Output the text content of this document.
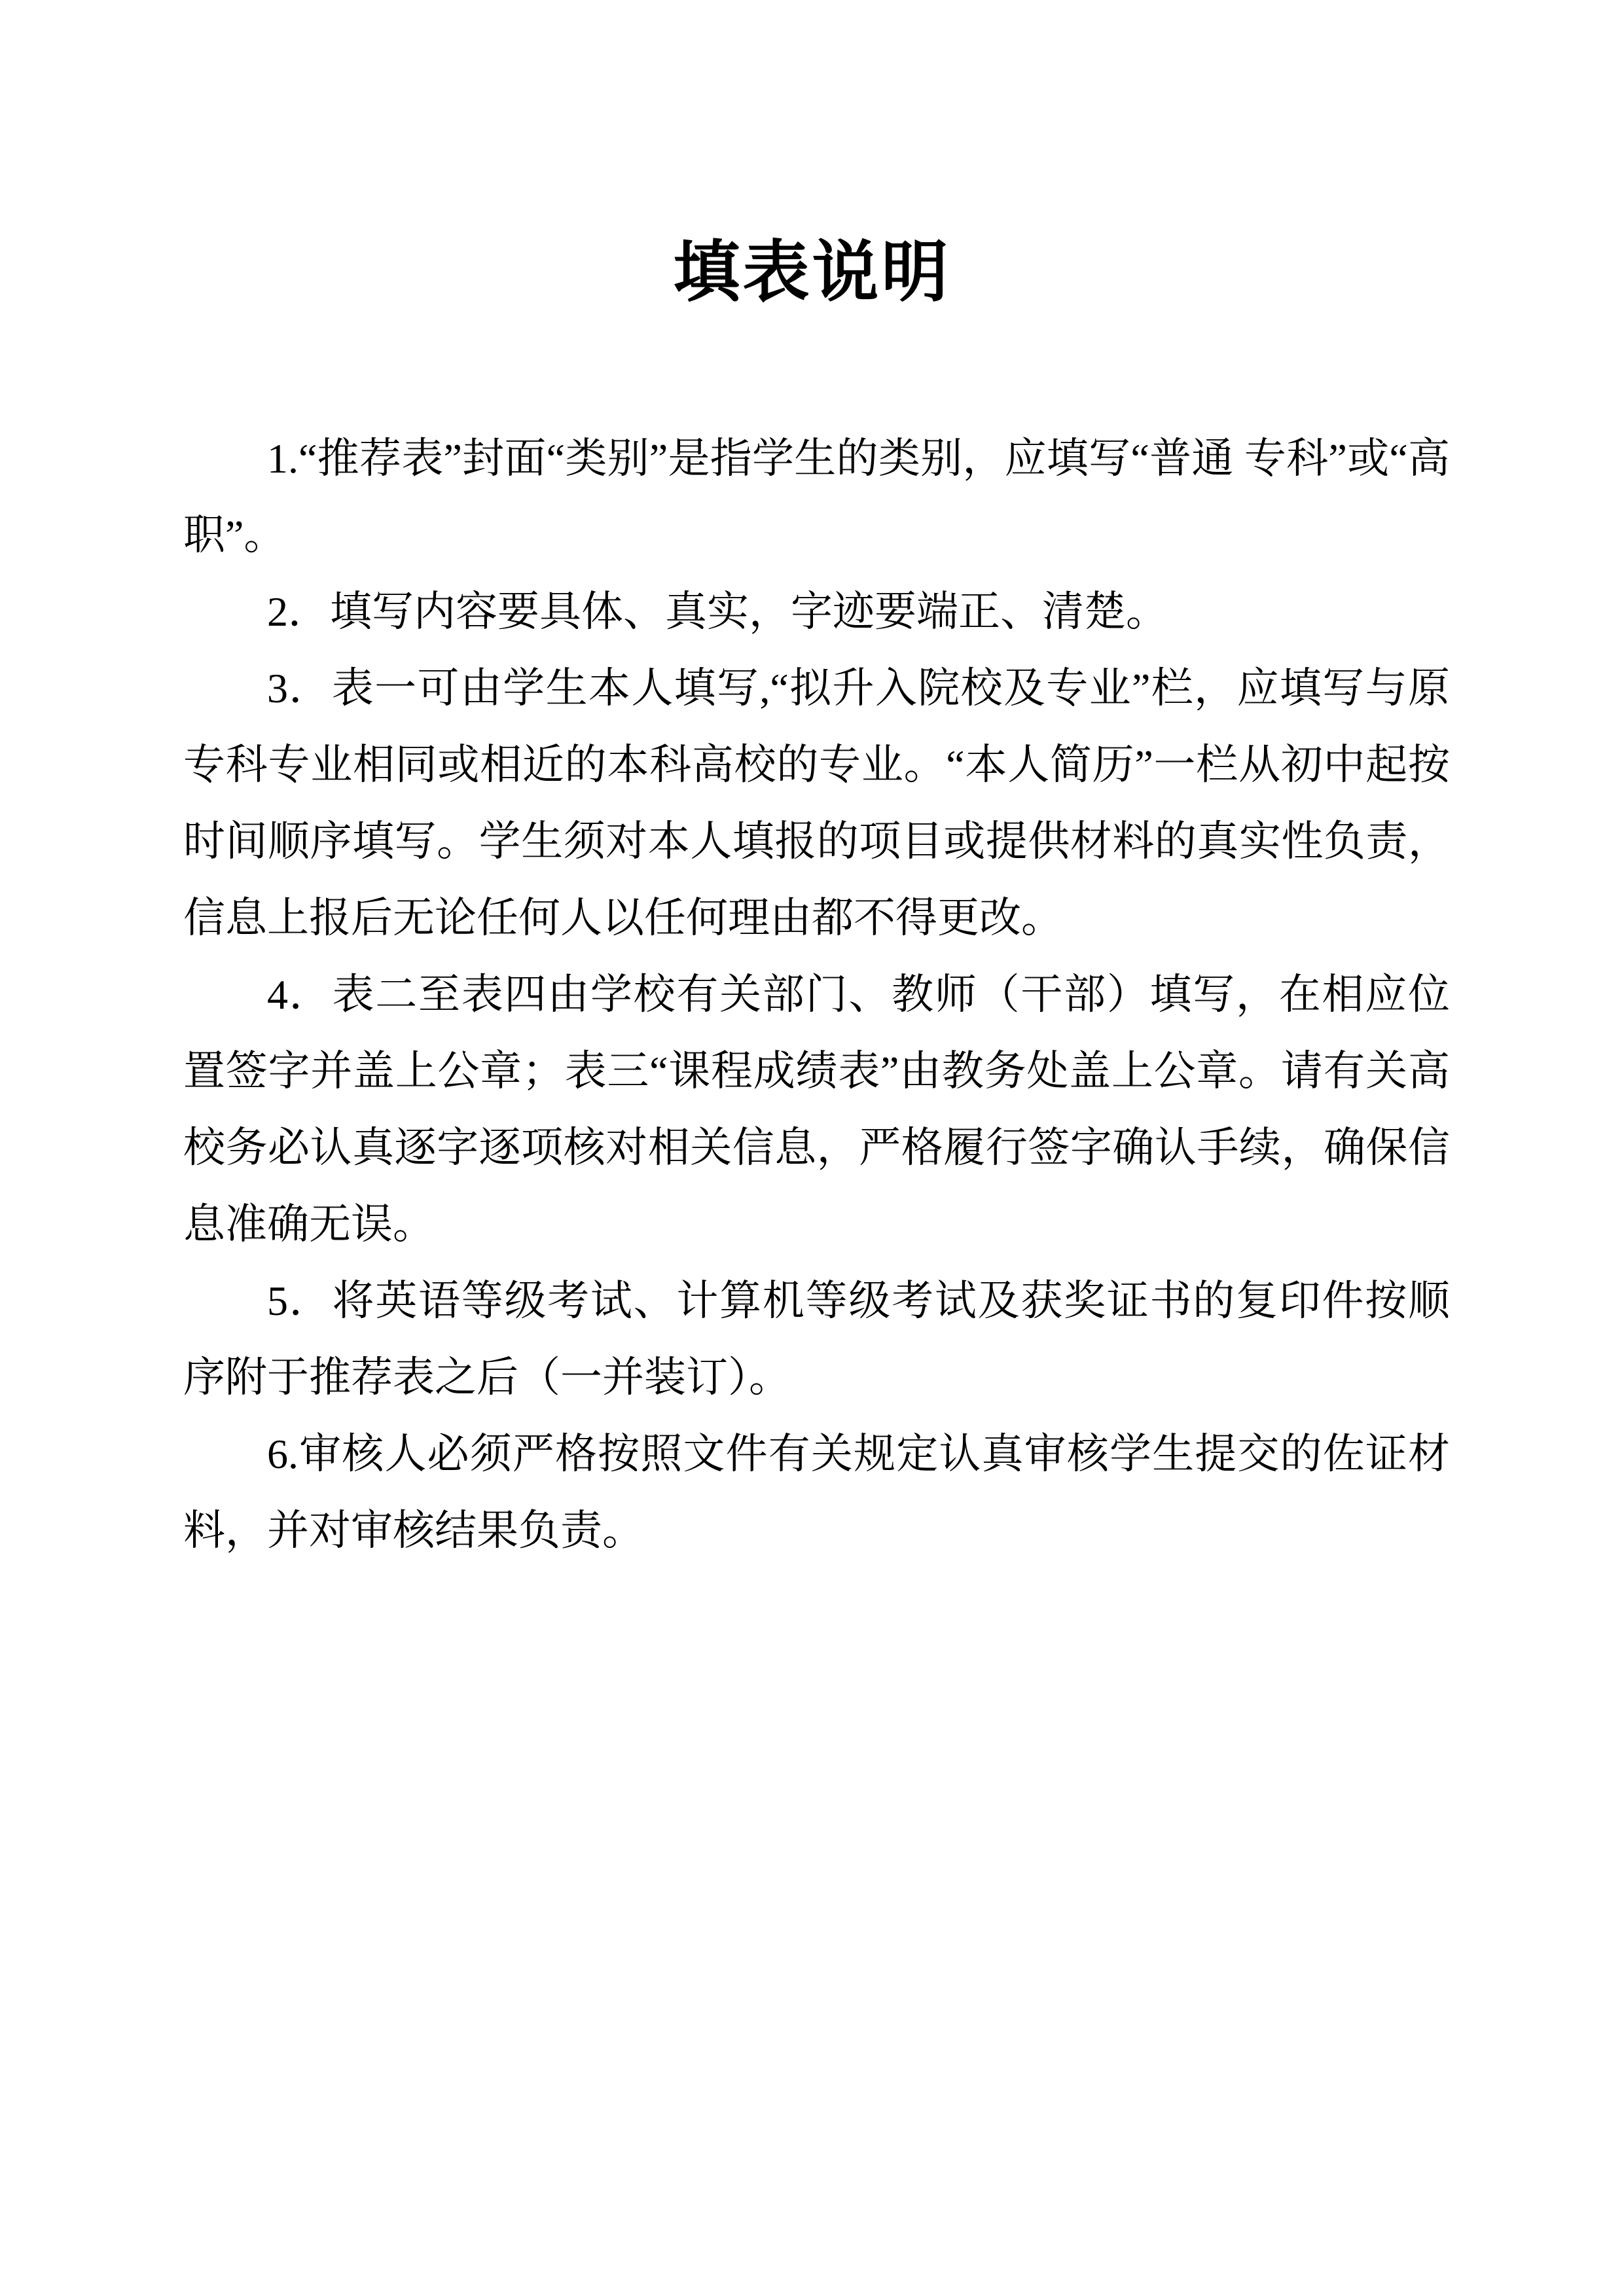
填表说明

1.“推荐表”封面“类别”是指学生的类别，应填写“普通 专科”或“高职”。

2．填写内容要具体、真实，字迹要端正、清楚。

3．表一可由学生本人填写,“拟升入院校及专业”栏，应填写与原专科专业相同或相近的本科高校的专业。“本人简历”一栏从初中起按时间顺序填写。学生须对本人填报的项目或提供材料的真实性负责，信息上报后无论任何人以任何理由都不得更改。

4．表二至表四由学校有关部门、教师（干部）填写，在相应位置签字并盖上公章；表三“课程成绩表”由教务处盖上公章。请有关高校务必认真逐字逐项核对相关信息，严格履行签字确认手续，确保信息准确无误。

5．将英语等级考试、计算机等级考试及获奖证书的复印件按顺序附于推荐表之后（一并装订）。

6.审核人必须严格按照文件有关规定认真审核学生提交的佐证材料，并对审核结果负责。
